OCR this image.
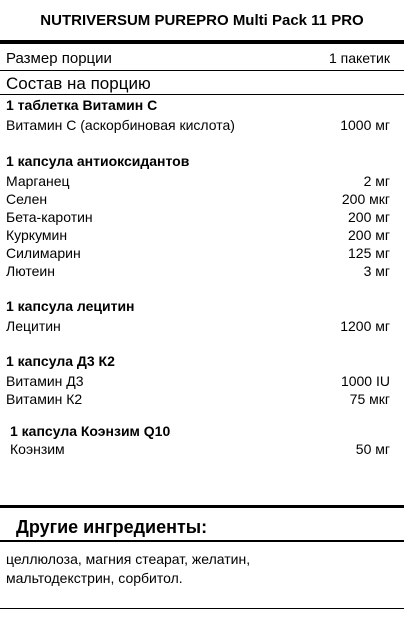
NUTRIVERSUM PUREPRO Multi Pack 11 PRO
Размер порции	1 пакетик
Состав на порцию
1 таблетка Витамин С
Витамин С (аскорбиновая кислота)	1000 мг
1 капсула антиоксидантов
Марганец	2 мг
Селен	200 мкг
Бета-каротин	200 мг
Куркумин	200 мг
Силимарин	125 мг
Лютеин	3 мг
1 капсула лецитин
Лецитин	1200 мг
1 капсула Д3 К2
Витамин Д3	1000 IU
Витамин К2	75 мкг
1 капсула Коэнзим Q10
Коэнзим	50 мг
Другие ингредиенты:
целлюлоза, магния стеарат, желатин,
мальтодекстрин, сорбитол.
